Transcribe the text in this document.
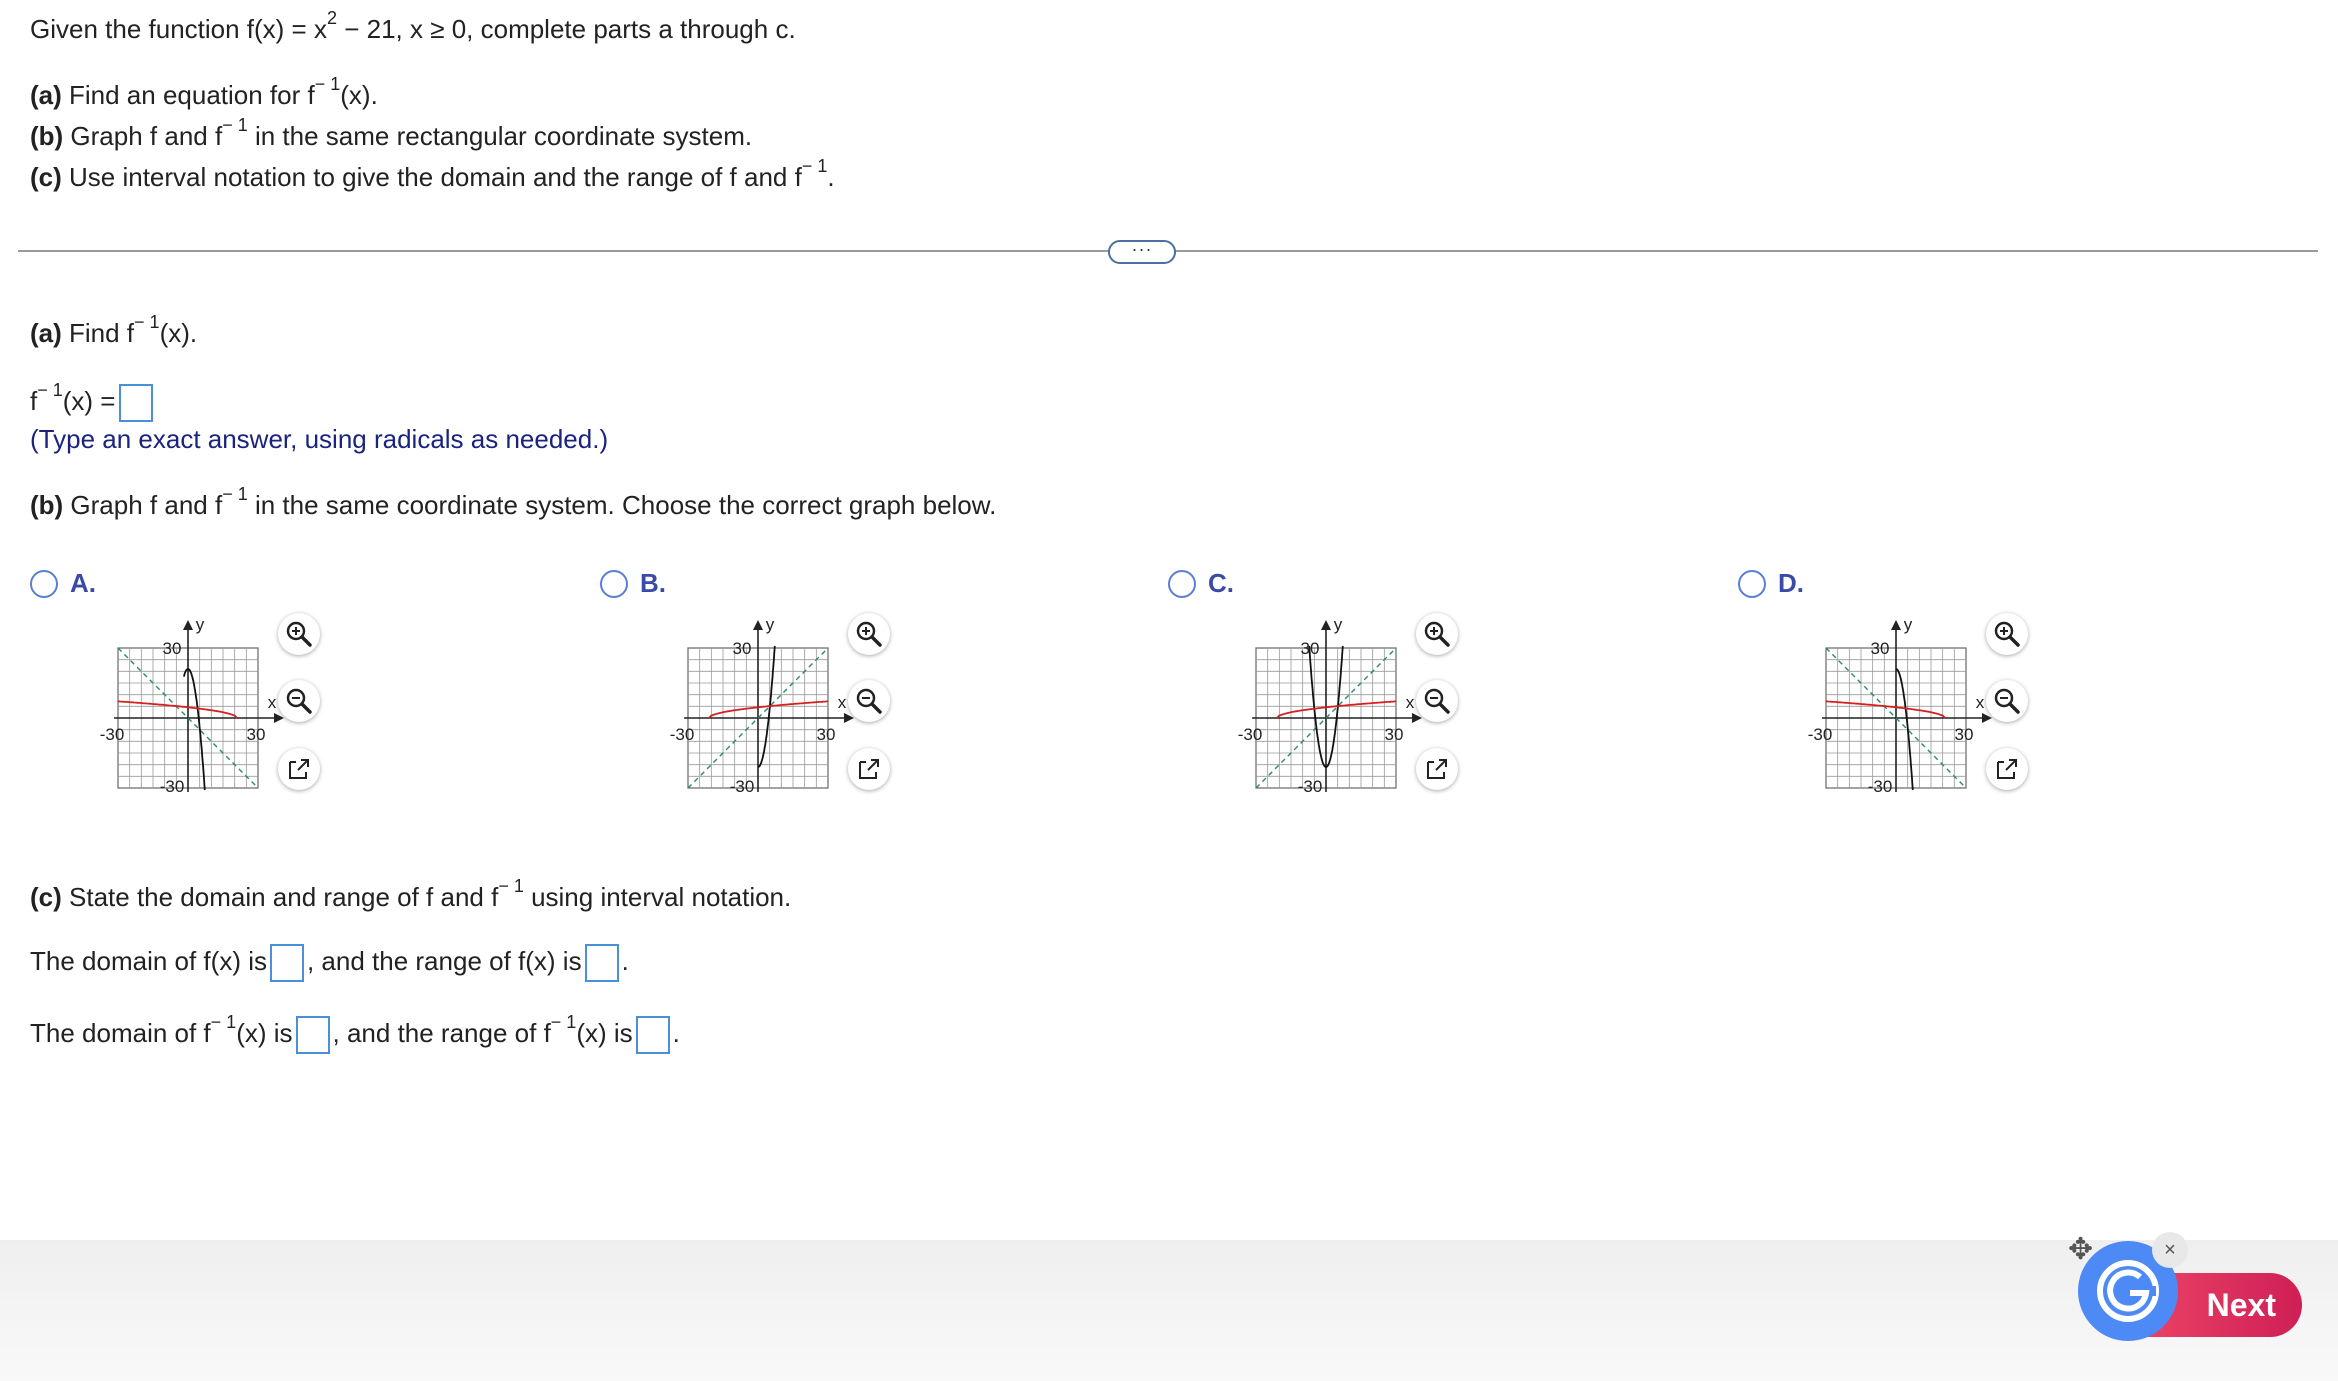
Given the function $f(x) = x^2 - 21$, x ≥ 0, complete parts a through c.
(a) Find an equation for $f^{- 1}(x)$.
(b) Graph f and $f^{- 1}$ in the same rectangular coordinate system.
(c) Use interval notation to give the domain and the range of f and $f^{- 1}$.
···
(a) Find $f^{- 1}(x)$.
$f^{- 1}(x)$ =
(Type an exact answer, using radicals as needed.)
(b) Graph f and $f^{- 1}$ in the same coordinate system. Choose the correct graph below.
A.	B.	C.	D.
(c) State the domain and range of f and $f^{- 1}$ using interval notation.
The domain of f(x) is , and the range of f(x) is .
The domain of $f^{- 1}(x)$ is , and the range of $f^{- 1}(x)$ is .
Next
×
✥
30
-30
-30	30
x
y
30
-30
-30	30
x
y
30
-30
-30	30
x
y
30
-30
-30	30
x
y
